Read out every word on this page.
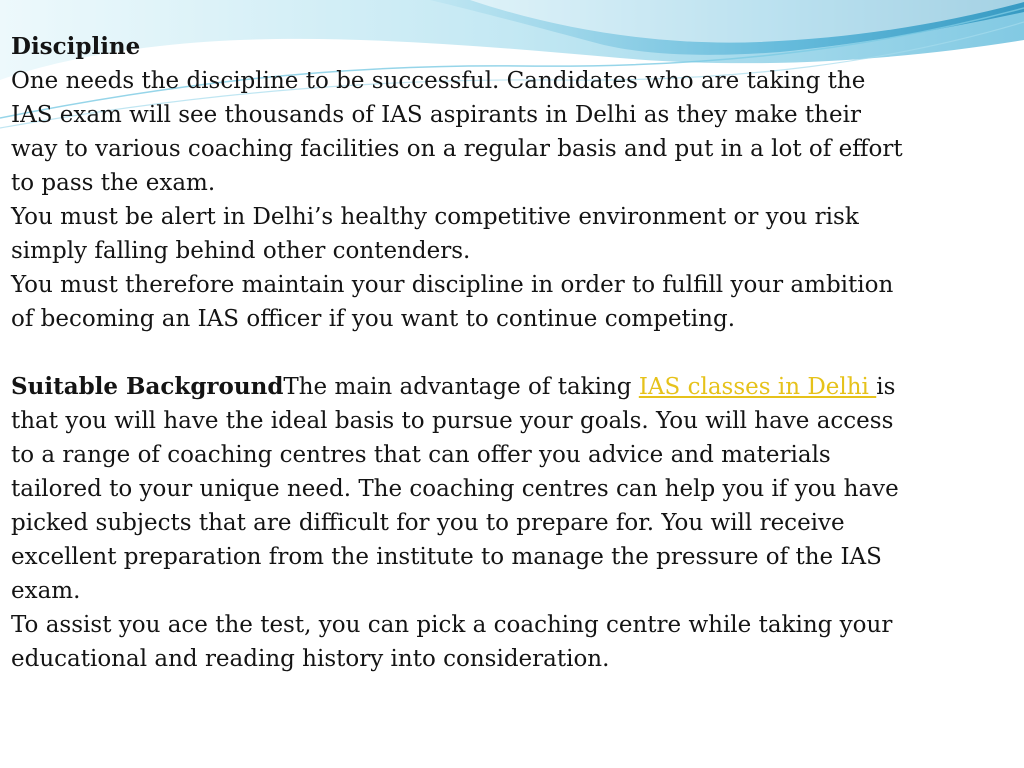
Discipline

One needs the discipline to be successful. Candidates who are taking the IAS exam will see thousands of IAS aspirants in Delhi as they make their way to various coaching facilities on a regular basis and put in a lot of effort to pass the exam.

You must be alert in Delhi’s healthy competitive environment or you risk simply falling behind other contenders.

You must therefore maintain your discipline in order to fulfill your ambition of becoming an IAS officer if you want to continue competing.

Suitable BackgroundThe main advantage of taking IAS classes in Delhi is that you will have the ideal basis to pursue your goals. You will have access to a range of coaching centres that can offer you advice and materials tailored to your unique need. The coaching centres can help you if you have picked subjects that are difficult for you to prepare for. You will receive excellent preparation from the institute to manage the pressure of the IAS exam.

To assist you ace the test, you can pick a coaching centre while taking your educational and reading history into consideration.
